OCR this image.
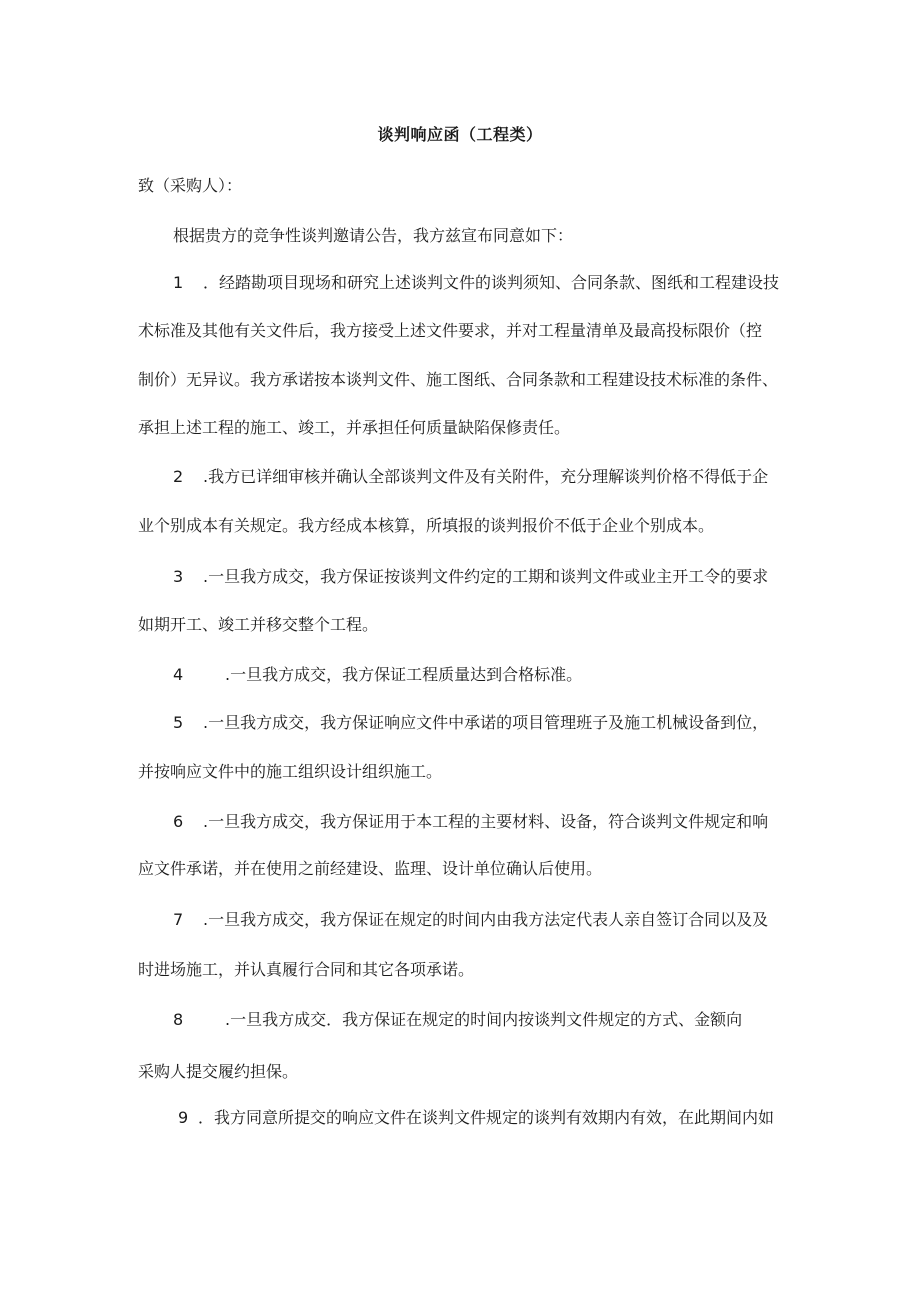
谈判响应函（工程类）
致（采购人）：
根据贵方的竞争性谈判邀请公告，我方兹宣布同意如下：
1 ．经踏勘项目现场和研究上述谈判文件的谈判须知、合同条款、图纸和工程建设技
术标准及其他有关文件后，我方接受上述文件要求，并对工程量清单及最高投标限价（控
制价）无异议。我方承诺按本谈判文件、施工图纸、合同条款和工程建设技术标准的条件、
承担上述工程的施工、竣工，并承担任何质量缺陷保修责任。
2 .我方已详细审核并确认全部谈判文件及有关附件，充分理解谈判价格不得低于企
业个别成本有关规定。我方经成本核算，所填报的谈判报价不低于企业个别成本。
3 .一旦我方成交，我方保证按谈判文件约定的工期和谈判文件或业主开工令的要求
如期开工、竣工并移交整个工程。
4	.一旦我方成交，我方保证工程质量达到合格标准。
5 .一旦我方成交，我方保证响应文件中承诺的项目管理班子及施工机械设备到位，
并按响应文件中的施工组织设计组织施工。
6 .一旦我方成交，我方保证用于本工程的主要材料、设备，符合谈判文件规定和响
应文件承诺，并在使用之前经建设、监理、设计单位确认后使用。
7 .一旦我方成交，我方保证在规定的时间内由我方法定代表人亲自签订合同以及及
时进场施工，并认真履行合同和其它各项承诺。
8	.一旦我方成交．我方保证在规定的时间内按谈判文件规定的方式、金额向
采购人提交履约担保。
9 ．我方同意所提交的响应文件在谈判文件规定的谈判有效期内有效，在此期间内如
